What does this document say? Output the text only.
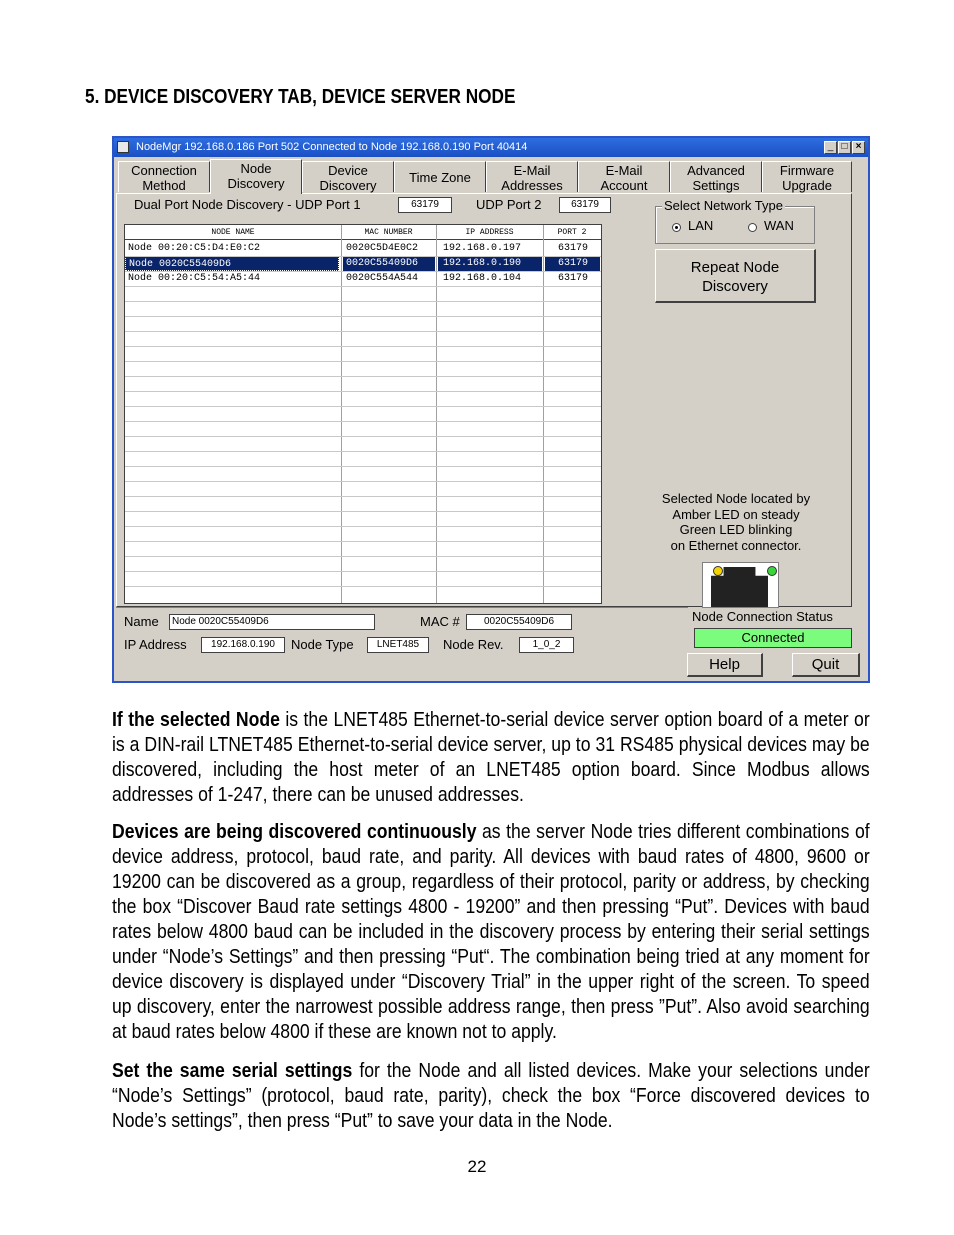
5. DEVICE DISCOVERY TAB, DEVICE SERVER NODE
NodeMgr 192.168.0.186 Port 502 Connected to Node 192.168.0.190 Port 40414	_ □ ×
Connection
Method
Node
Discovery
Device
Discovery
Time Zone	E-Mail
Addresses
E-Mail
Account
Advanced
Settings
Firmware
Upgrade
Dual Port Node Discovery - UDP Port 1	63179	UDP Port 2	63179	Select Network Type
LAN	WAN
Repeat Node
Discovery
NODE NAME	MAC NUMBER	IP ADDRESS	PORT 2
Node 00:20:C5:D4:E0:C2	0020C5D4E0C2	192.168.0.197	63179
Node 0020C55409D6	0020C55409D6	192.168.0.190	63179
Node 00:20:C5:54:A5:44	0020C554A544	192.168.0.104	63179
Selected Node located by
Amber LED on steady
Green LED blinking
on Ethernet connector.
Name	Node 0020C55409D6	MAC #	0020C55409D6
IP Address	192.168.0.190	Node Type	LNET485	Node Rev.	1_0_2
Node Connection Status
Connected
Help	Quit
If the selected Node is the LNET485 Ethernet-to-serial device server option board of a meter or is a DIN-rail LTNET485 Ethernet-to-serial device server, up to 31 RS485 physical devices may be discovered, including the host meter of an LNET485 option board. Since Modbus allows addresses of 1-247, there can be unused addresses.
Devices are being discovered continuously as the server Node tries different combinations of device address, protocol, baud rate, and parity. All devices with baud rates of 4800, 9600 or 19200 can be discovered as a group, regardless of their protocol, parity or address, by checking the box “Discover Baud rate settings 4800 - 19200” and then pressing “Put”. Devices with baud rates below 4800 baud can be included in the discovery process by entering their serial settings under “Node’s Settings” and then pressing “Put“. The combination being tried at any moment for device discovery is displayed under “Discovery Trial” in the upper right of the screen. To speed up discovery, enter the narrowest possible address range, then press ”Put”. Also avoid searching at baud rates below 4800 if these are known not to apply.
Set the same serial settings for the Node and all listed devices. Make your selections under “Node’s Settings” (protocol, baud rate, parity), check the box “Force discovered devices to Node’s settings”, then press “Put” to save your data in the Node.
22
